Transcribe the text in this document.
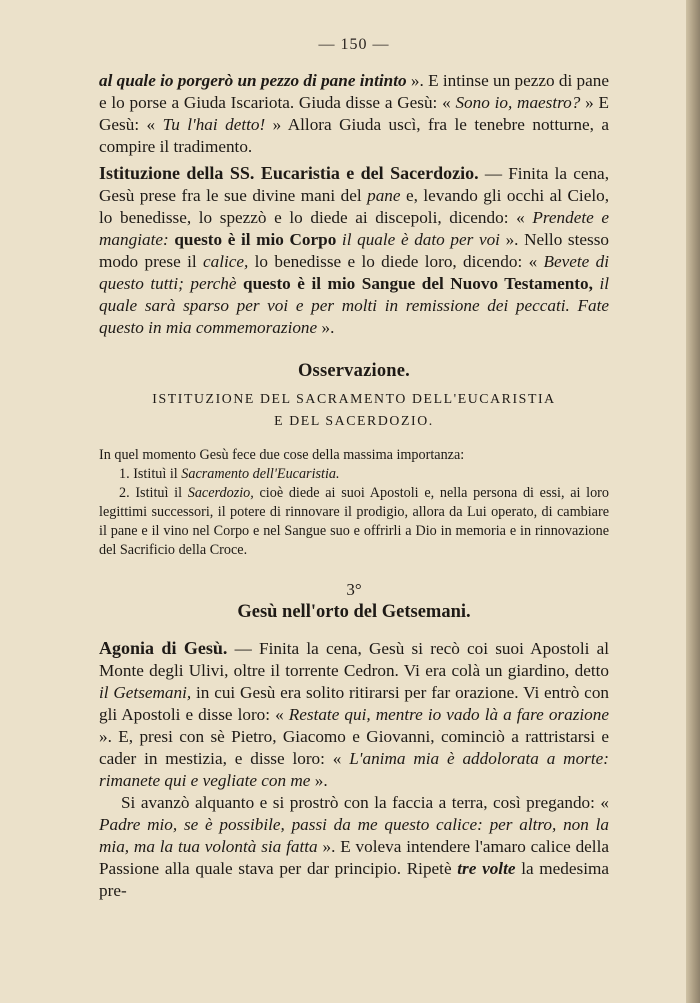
— 150 —

al quale io porgerò un pezzo di pane intinto ». E intinse un pezzo di pane e lo porse a Giuda Iscariota. Giuda disse a Gesù: « Sono io, maestro? » E Gesù: « Tu l'hai detto! » Allora Giuda uscì, fra le tenebre notturne, a compire il tradimento.

Istituzione della SS. Eucaristia e del Sacerdozio. — Finita la cena, Gesù prese fra le sue divine mani del pane e, levando gli occhi al Cielo, lo benedisse, lo spezzò e lo diede ai discepoli, dicendo: « Prendete e mangiate: questo è il mio Corpo il quale è dato per voi ». Nello stesso modo prese il calice, lo benedisse e lo diede loro, dicendo: « Bevete di questo tutti; perchè questo è il mio Sangue del Nuovo Testamento, il quale sarà sparso per voi e per molti in remissione dei peccati. Fate questo in mia commemorazione ».

Osservazione.

ISTITUZIONE DEL SACRAMENTO DELL'EUCARISTIA

E DEL SACERDOZIO.

In quel momento Gesù fece due cose della massima importanza:

1. Istituì il Sacramento dell'Eucaristia.

2. Istituì il Sacerdozio, cioè diede ai suoi Apostoli e, nella persona di essi, ai loro legittimi successori, il potere di rinnovare il prodigio, allora da Lui operato, di cambiare il pane e il vino nel Corpo e nel Sangue suo e offrirli a Dio in memoria e in rinnovazione del Sacrificio della Croce.

3°
Gesù nell'orto del Getsemani.

Agonia di Gesù. — Finita la cena, Gesù si recò coi suoi Apostoli al Monte degli Ulivi, oltre il torrente Cedron. Vi era colà un giardino, detto il Getsemani, in cui Gesù era solito ritirarsi per far orazione. Vi entrò con gli Apostoli e disse loro: « Restate qui, mentre io vado là a fare orazione ». E, presi con sè Pietro, Giacomo e Giovanni, cominciò a rattristarsi e cader in mestizia, e disse loro: « L'anima mia è addolorata a morte: rimanete qui e vegliate con me ».

Si avanzò alquanto e si prostrò con la faccia a terra, così pregando: « Padre mio, se è possibile, passi da me questo calice: per altro, non la mia, ma la tua volontà sia fatta ». E voleva intendere l'amaro calice della Passione alla quale stava per dar principio. Ripetè tre volte la medesima pre-
